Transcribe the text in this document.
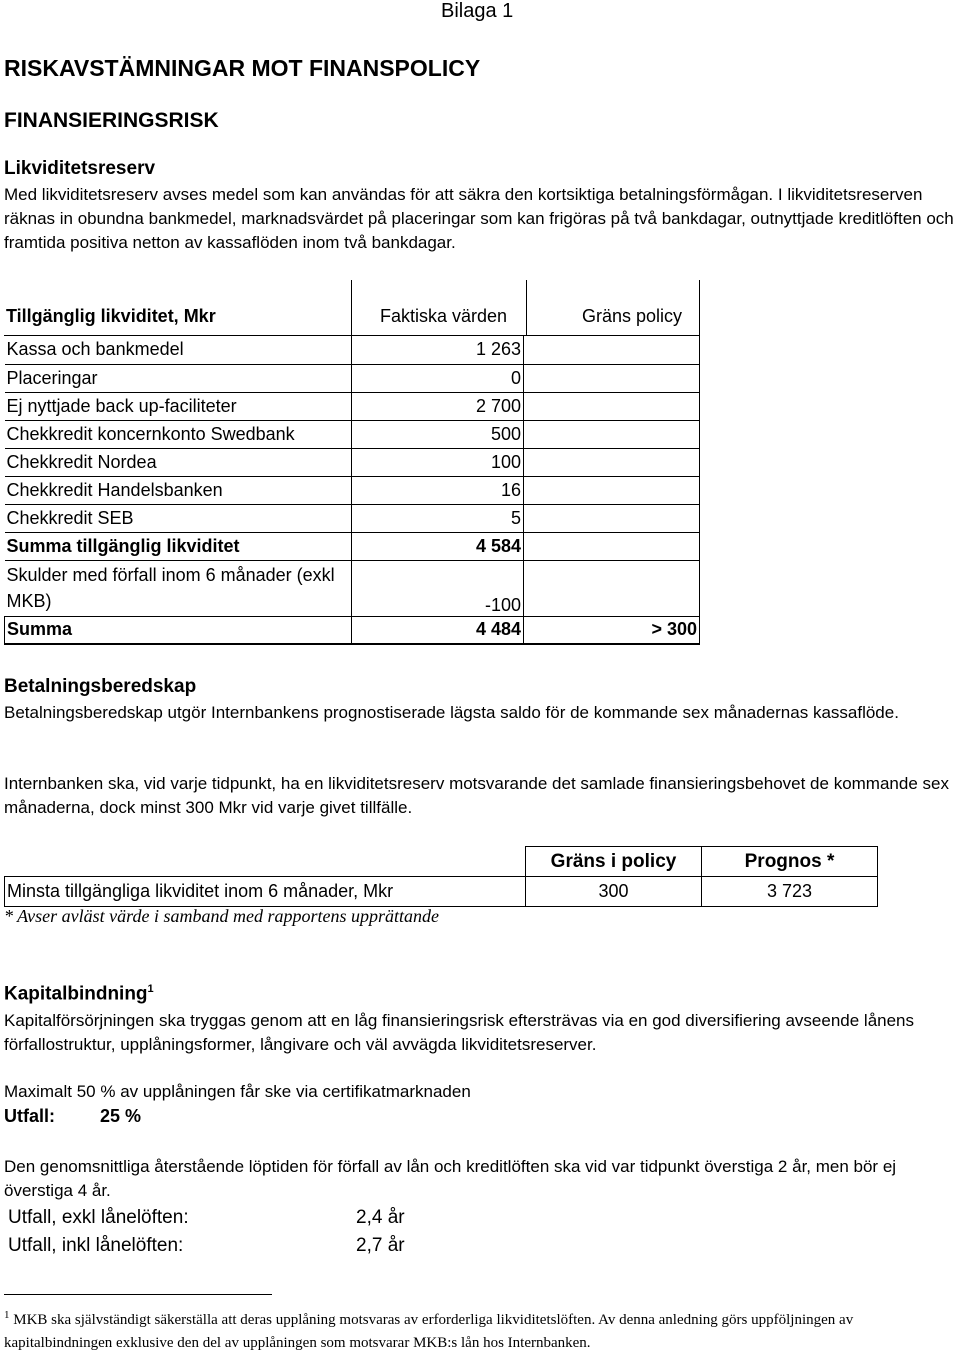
Bilaga 1
RISKAVSTÄMNINGAR MOT FINANSPOLICY
FINANSIERINGSRISK
Likviditetsreserv
Med likviditetsreserv avses medel som kan användas för att säkra den kortsiktiga betalningsförmågan. I likviditetsreserven räknas in obundna bankmedel, marknadsvärdet på placeringar som kan frigöras på två bankdagar, outnyttjade kreditlöften och framtida positiva netton av kassaflöden inom två bankdagar.
Tillgänglig likviditet, Mkr	Faktiska värden	Gräns policy
Kassa och bankmedel	1 263	
Placeringar	0	
Ej nyttjade back up-faciliteter	2 700	
Chekkredit koncernkonto Swedbank	500	
Chekkredit Nordea	100	
Chekkredit Handelsbanken	16	
Chekkredit SEB	5	
Summa tillgänglig likviditet	4 584	
Skulder med förfall inom 6 månader (exkl MKB)	-100	
Summa	4 484	> 300
Betalningsberedskap
Betalningsberedskap utgör Internbankens prognostiserade lägsta saldo för de kommande sex månadernas kassaflöde.
Internbanken ska, vid varje tidpunkt, ha en likviditetsreserv motsvarande det samlade finansieringsbehovet de kommande sex månaderna, dock minst 300 Mkr vid varje givet tillfälle.
	Gräns i policy	Prognos *
Minsta tillgängliga likviditet inom 6 månader, Mkr	300	3 723
* Avser avläst värde i samband med rapportens upprättande
Kapitalbindning$^1$
Kapitalförsörjningen ska tryggas genom att en låg finansieringsrisk eftersträvas via en god diversifiering avseende lånens förfallostruktur, upplåningsformer, långivare och väl avvägda likviditetsreserver.
Maximalt 50 % av upplåningen får ske via certifikatmarknaden
Utfall:	25 %
Den genomsnittliga återstående löptiden för förfall av lån och kreditlöften ska vid var tidpunkt överstiga 2 år, men bör ej överstiga 4 år.
Utfall, exkl lånelöften:	2,4 år
Utfall, inkl lånelöften:	2,7 år
$^1$ MKB ska självständigt säkerställa att deras upplåning motsvaras av erforderliga likviditetslöften. Av denna anledning görs uppföljningen av kapitalbindningen exklusive den del av upplåningen som motsvarar MKB:s lån hos Internbanken.
